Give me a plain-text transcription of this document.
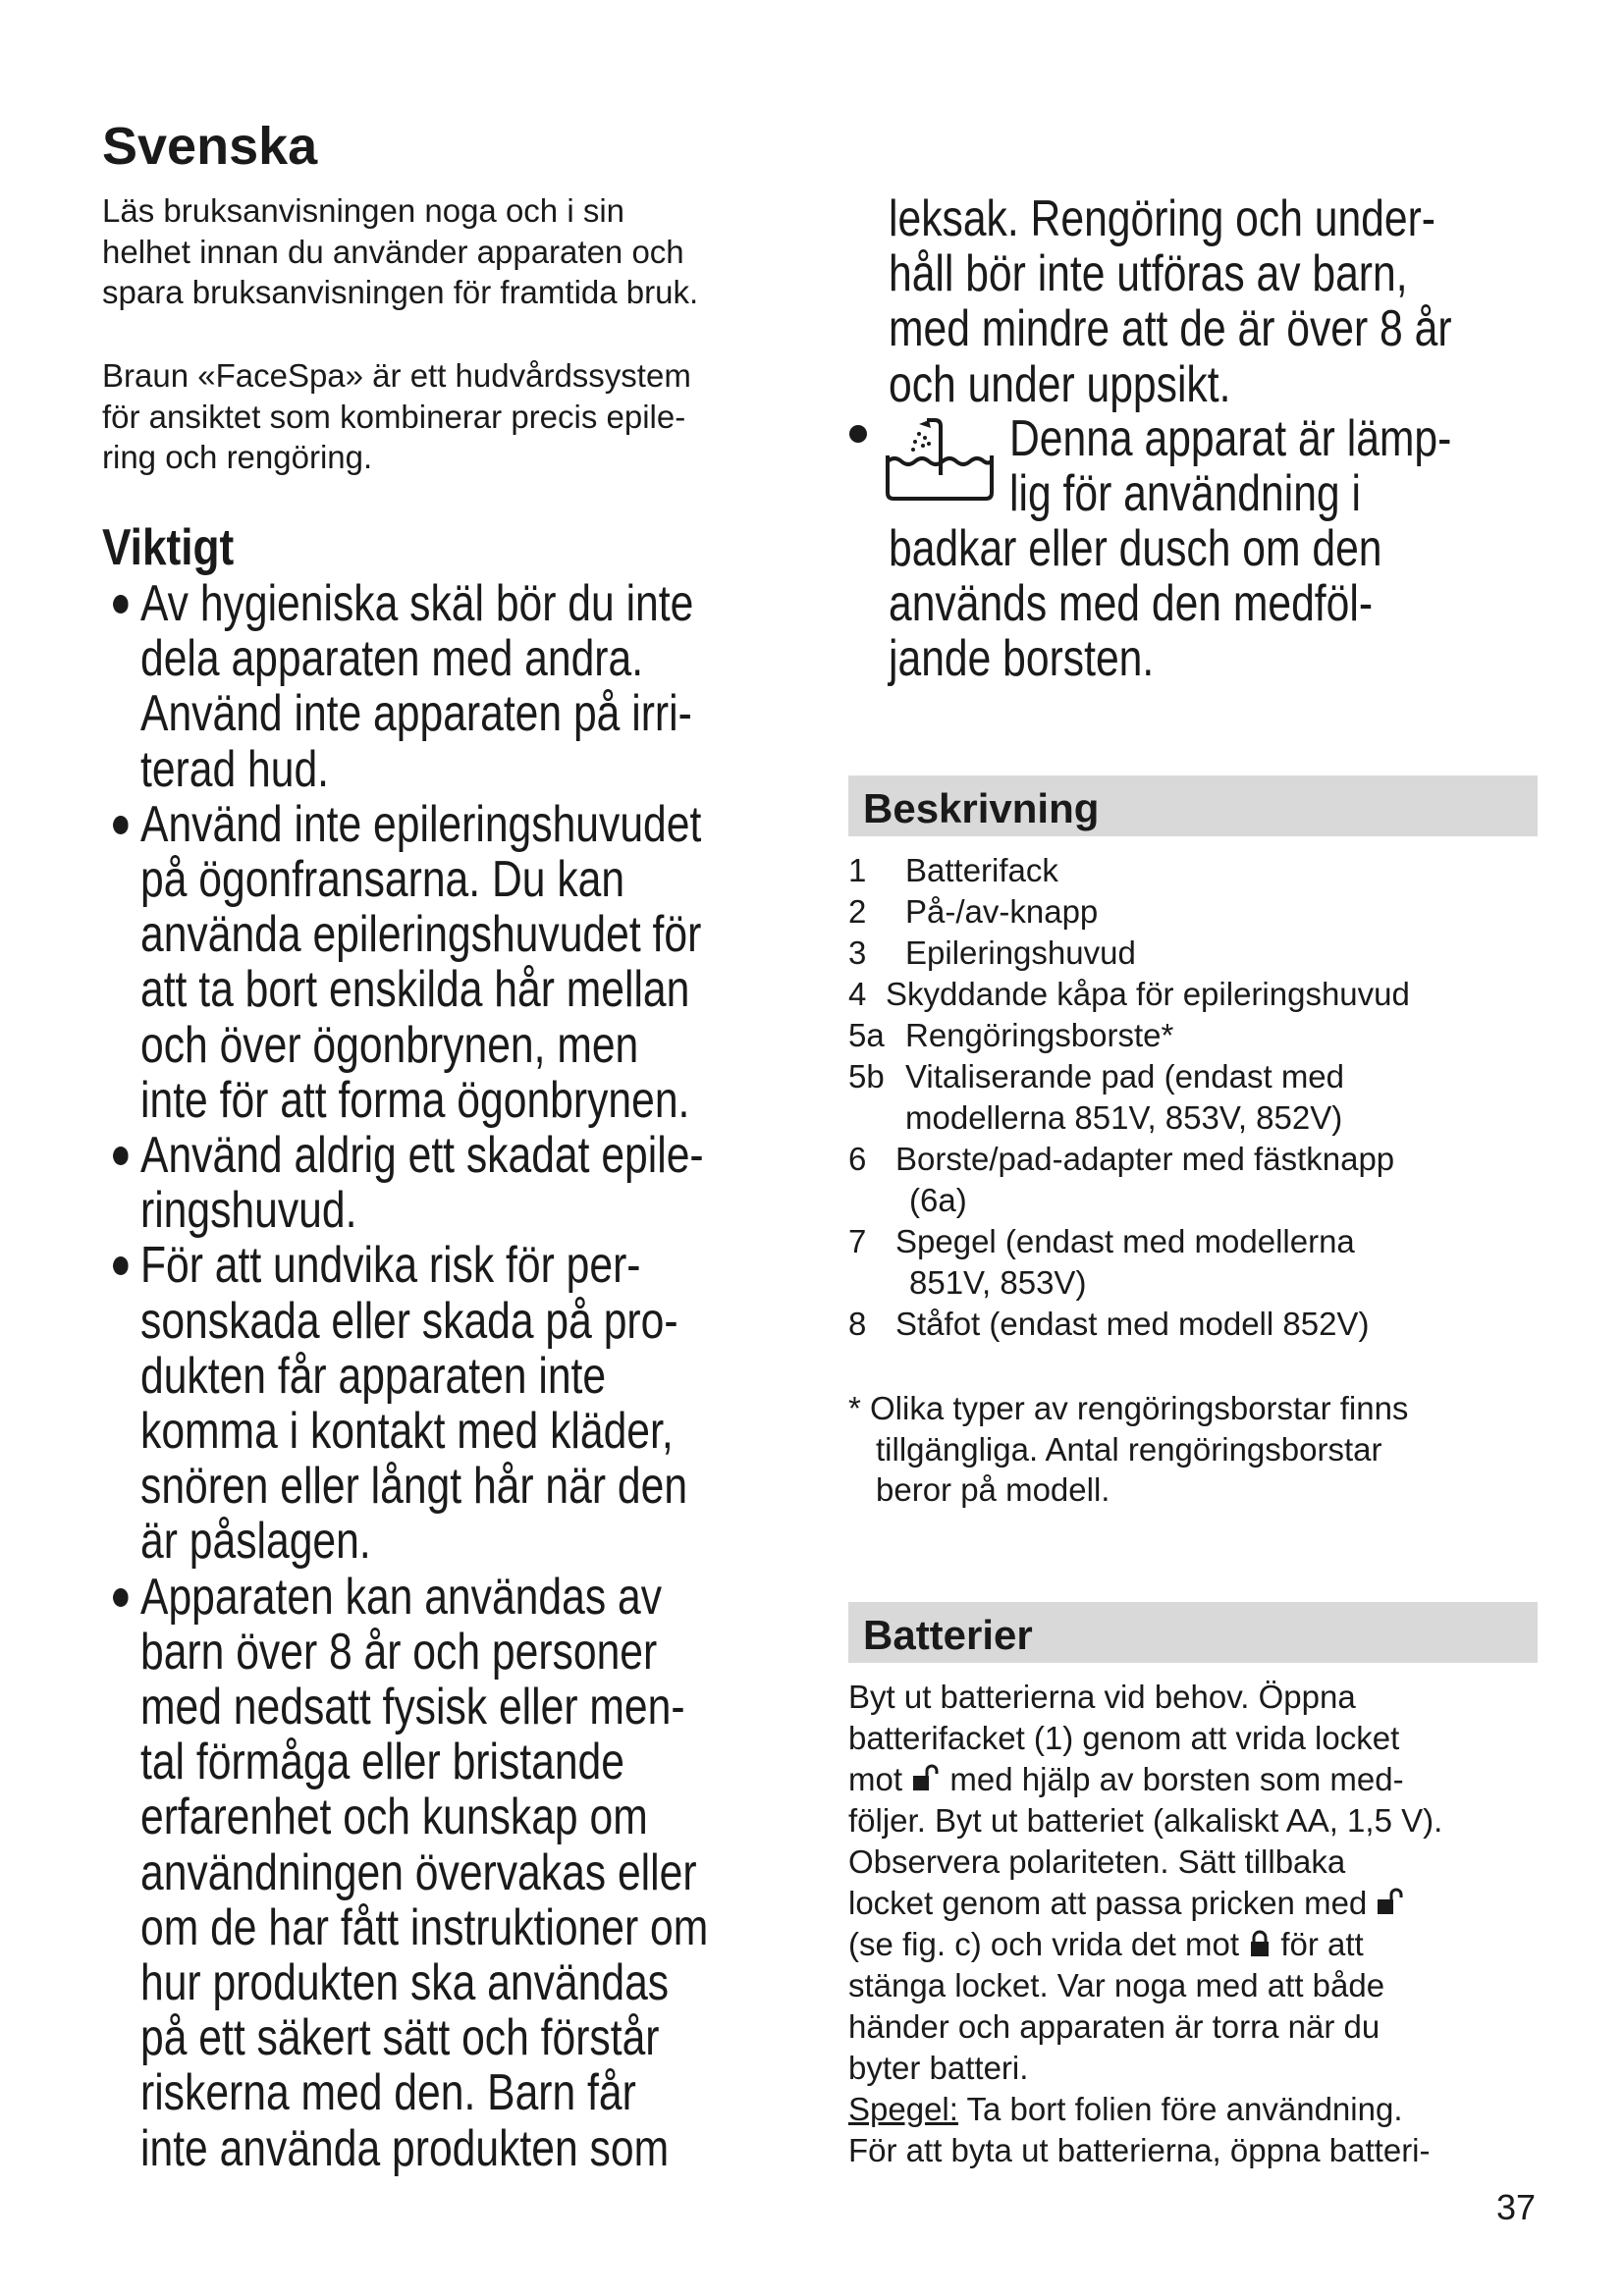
Svenska
Läs bruksanvisningen noga och i sin
helhet innan du använder apparaten och
spara bruksanvisningen för framtida bruk.
Braun «FaceSpa» är ett hudvårdssystem
för ansiktet som kombinerar precis epile-
ring och rengöring.
Viktigt
Av hygieniska skäl bör du inte
dela apparaten med andra.
Använd inte apparaten på irri-
terad hud.
Använd inte epileringshuvudet
på ögonfransarna. Du kan
använda epileringshuvudet för
att ta bort enskilda hår mellan
och över ögonbrynen, men
inte för att forma ögonbrynen.
Använd aldrig ett skadat epile-
ringshuvud.
För att undvika risk för per-
sonskada eller skada på pro-
dukten får apparaten inte
komma i kontakt med kläder,
snören eller långt hår när den
är påslagen.
Apparaten kan användas av
barn över 8 år och personer
med nedsatt fysisk eller men-
tal förmåga eller bristande
erfarenhet och kunskap om
användningen övervakas eller
om de har fått instruktioner om
hur produkten ska användas
på ett säkert sätt och förstår
riskerna med den. Barn får
inte använda produkten som
leksak. Rengöring och under-
håll bör inte utföras av barn,
med mindre att de är över 8 år
och under uppsikt.
Denna apparat är lämp-
lig för användning i
badkar eller dusch om den
används med den medföl-
jande borsten.
Beskrivning
1	Batterifack
2	På-/av-knapp
3	Epileringshuvud
4 Skyddande kåpa för epileringshuvud
5a Rengöringsborste*
5b Vitaliserande pad (endast med
modellerna 851V, 853V, 852V)
6 Borste/pad-adapter med fästknapp
(6a)
7 Spegel (endast med modellerna
851V, 853V)
8 Ståfot (endast med modell 852V)
* Olika typer av rengöringsborstar finns
tillgängliga. Antal rengöringsborstar
beror på modell.
Batterier
Byt ut batterierna vid behov. Öppna
batterifacket (1) genom att vrida locket
mot med hjälp av borsten som med-
följer. Byt ut batteriet (alkaliskt AA, 1,5 V).
Observera polariteten. Sätt tillbaka
locket genom att passa pricken med
(se fig. c) och vrida det mot för att
stänga locket. Var noga med att både
händer och apparaten är torra när du
byter batteri.
Spegel: Ta bort folien före användning.
För att byta ut batterierna, öppna batteri-
37
